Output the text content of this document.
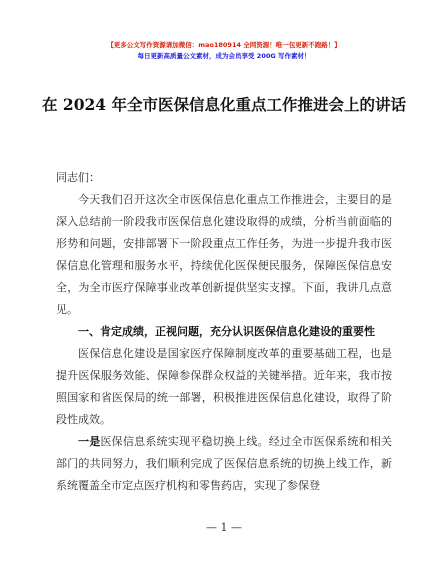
【更多公文写作资源请加微信：mao180914 全网资源！唯一包更新不跑路！】
每日更新高质量公文素材，成为会员享受 200G 写作素材！
在 2024 年全市医保信息化重点工作推进会上的讲话

同志们：

今天我们召开这次全市医保信息化重点工作推进会，主要目的是深入总结前一阶段我市医保信息化建设取得的成绩，分析当前面临的形势和问题，安排部署下一阶段重点工作任务，为进一步提升我市医保信息化管理和服务水平，持续优化医保便民服务，保障医保信息安全，为全市医疗保障事业改革创新提供坚实支撑。下面，我讲几点意见。

一、肯定成绩，正视问题，充分认识医保信息化建设的重要性

医保信息化建设是国家医疗保障制度改革的重要基础工程，也是提升医保服务效能、保障参保群众权益的关键举措。近年来，我市按照国家和省医保局的统一部署，积极推进医保信息化建设，取得了阶段性成效。

一是医保信息系统实现平稳切换上线。经过全市医保系统和相关部门的共同努力，我们顺利完成了医保信息系统的切换上线工作，新系统覆盖全市定点医疗机构和零售药店，实现了参保登

— 1 —
